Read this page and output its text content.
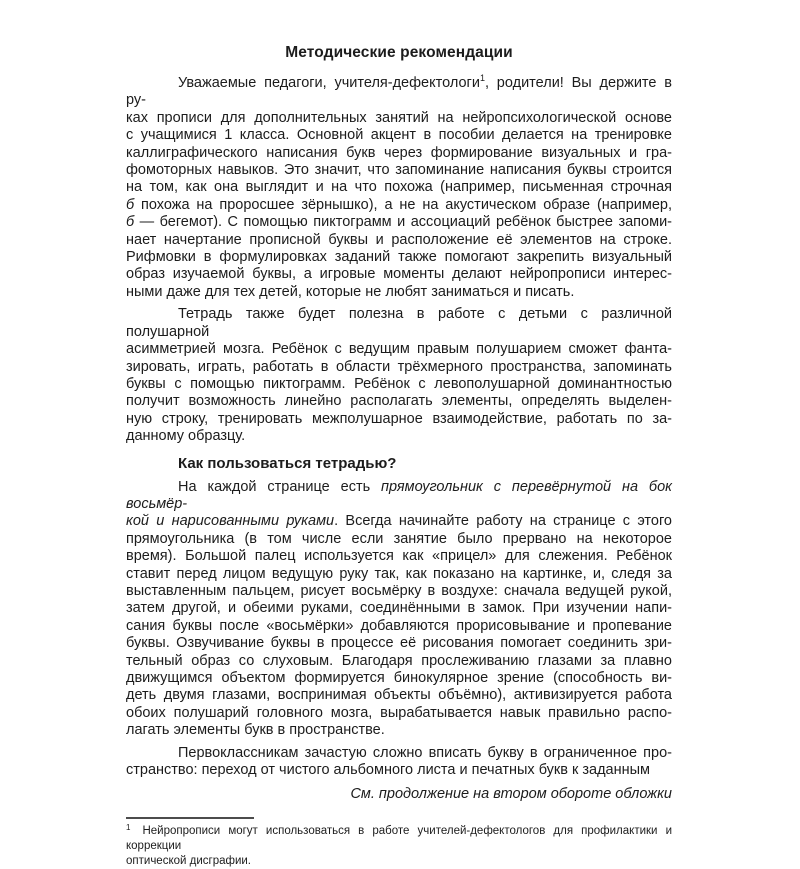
Методические рекомендации
Уважаемые педагоги, учителя-дефектологи$^1$, родители! Вы держите в ру-
ках прописи для дополнительных занятий на нейропсихологической основе
с учащимися 1 класса. Основной акцент в пособии делается на тренировке
каллиграфического написания букв через формирование визуальных и гра-
фомоторных навыков. Это значит, что запоминание написания буквы строится
на том, как она выглядит и на что похожа (например, письменная строчная
б похожа на проросшее зёрнышко), а не на акустическом образе (например,
б — бегемот). С помощью пиктограмм и ассоциаций ребёнок быстрее запоми-
нает начертание прописной буквы и расположение её элементов на строке.
Рифмовки в формулировках заданий также помогают закрепить визуальный
образ изучаемой буквы, а игровые моменты делают нейропрописи интерес-
ными даже для тех детей, которые не любят заниматься и писать.
Тетрадь также будет полезна в работе с детьми с различной полушарной
асимметрией мозга. Ребёнок с ведущим правым полушарием сможет фанта-
зировать, играть, работать в области трёхмерного пространства, запоминать
буквы с помощью пиктограмм. Ребёнок с левополушарной доминантностью
получит возможность линейно располагать элементы, определять выделен-
ную строку, тренировать межполушарное взаимодействие, работать по за-
данному образцу.
Как пользоваться тетрадью?
На каждой странице есть прямоугольник с перевёрнутой на бок восьмёр-
кой и нарисованными руками. Всегда начинайте работу на странице с этого
прямоугольника (в том числе если занятие было прервано на некоторое
время). Большой палец используется как «прицел» для слежения. Ребёнок
ставит перед лицом ведущую руку так, как показано на картинке, и, следя за
выставленным пальцем, рисует восьмёрку в воздухе: сначала ведущей рукой,
затем другой, и обеими руками, соединёнными в замок. При изучении напи-
сания буквы после «восьмёрки» добавляются прорисовывание и пропевание
буквы. Озвучивание буквы в процессе её рисования помогает соединить зри-
тельный образ со слуховым. Благодаря прослеживанию глазами за плавно
движущимся объектом формируется бинокулярное зрение (способность ви-
деть двумя глазами, воспринимая объекты объёмно), активизируется работа
обоих полушарий головного мозга, вырабатывается навык правильно распо-
лагать элементы букв в пространстве.
Первоклассникам зачастую сложно вписать букву в ограниченное про-
странство: переход от чистого альбомного листа и печатных букв к заданным
См. продолжение на втором обороте обложки
$^1$ Нейропрописи могут использоваться в работе учителей-дефектологов для профилактики и коррекции
оптической дисграфии.
